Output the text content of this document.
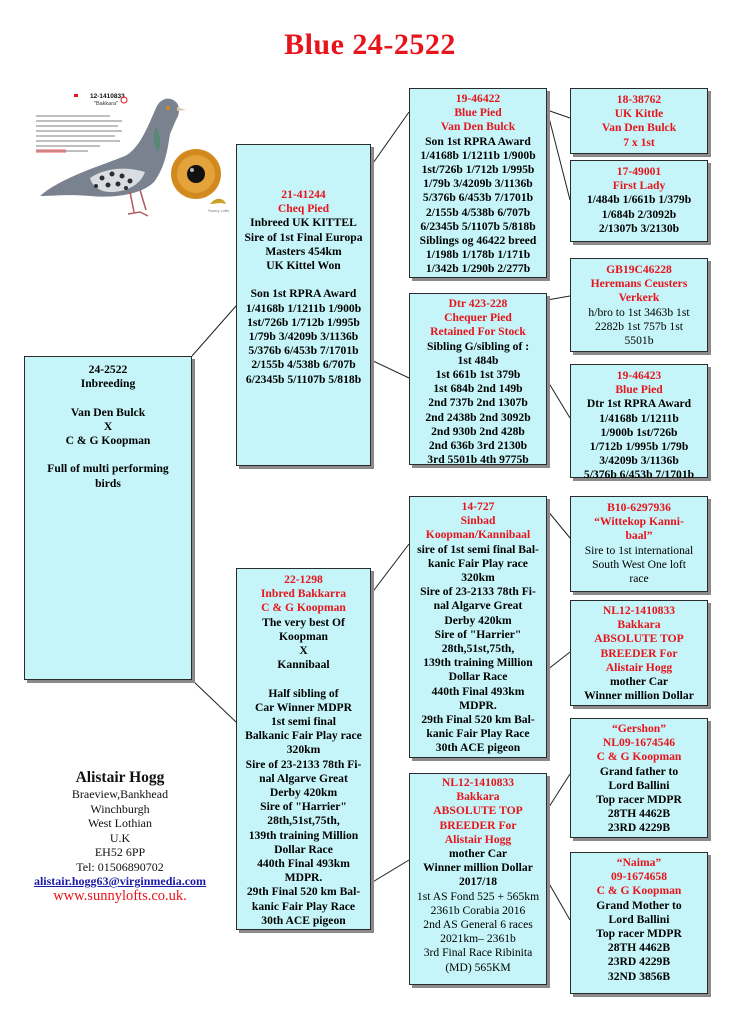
Blue 24-2522
12-1410833
"Bakkara"
Sunny Lofts
24-2522
Inbreeding

Van Den Bulck
X
C & G Koopman

Full of multi performing
birds
21-41244
Cheq Pied
Inbreed UK KITTEL
Sire of 1st Final Europa
Masters 454km
UK Kittel Won

Son 1st RPRA Award
1/4168b 1/1211b 1/900b
1st/726b 1/712b 1/995b
1/79b 3/4209b 3/1136b
5/376b 6/453b 7/1701b
2/155b 4/538b 6/707b
6/2345b 5/1107b 5/818b
22-1298
Inbred Bakkarra
C & G Koopman
The very best Of
Koopman
X
Kannibaal

Half sibling of
Car Winner MDPR
1st semi final
Balkanic Fair Play race
320km
Sire of 23-2133 78th Fi-
nal Algarve Great
Derby 420km
Sire of "Harrier"
28th,51st,75th,
139th training Million
Dollar Race
440th Final 493km
MDPR.
29th Final 520 km Bal-
kanic Fair Play Race
30th ACE pigeon
19-46422
Blue Pied
Van Den Bulck
Son 1st RPRA Award
1/4168b 1/1211b 1/900b
1st/726b 1/712b 1/995b
1/79b 3/4209b 3/1136b
5/376b 6/453b 7/1701b
2/155b 4/538b 6/707b
6/2345b 5/1107b 5/818b
Siblings og 46422 breed
1/198b 1/178b 1/171b
1/342b 1/290b 2/277b
Dtr 423-228
Chequer Pied
Retained For Stock
Sibling G/sibling of :
1st 484b
1st 661b 1st 379b
1st 684b 2nd 149b
2nd 737b 2nd 1307b
2nd 2438b 2nd 3092b
2nd 930b 2nd 428b
2nd 636b 3rd 2130b
3rd 5501b 4th 9775b
14-727
Sinbad
Koopman/Kannibaal
sire of 1st semi final Bal-
kanic Fair Play race
320km
Sire of 23-2133 78th Fi-
nal Algarve Great
Derby 420km
Sire of "Harrier"
28th,51st,75th,
139th training Million
Dollar Race
440th Final 493km
MDPR.
29th Final 520 km Bal-
kanic Fair Play Race
30th ACE pigeon
NL12-1410833
Bakkara
ABSOLUTE TOP
BREEDER For
Alistair Hogg
mother Car
Winner million Dollar
2017/18
1st AS Fond 525 + 565km
2361b Corabia 2016
2nd AS General 6 races
2021km– 2361b
3rd Final Race Ribinita
(MD) 565KM
18-38762
UK Kittle
Van Den Bulck
7 x 1st
17-49001
First Lady
1/484b 1/661b 1/379b
1/684b 2/3092b
2/1307b 3/2130b
GB19C46228
Heremans Ceusters
Verkerk
h/bro to 1st 3463b 1st
2282b 1st 757b 1st
5501b
19-46423
Blue Pied
Dtr 1st RPRA Award
1/4168b 1/1211b
1/900b 1st/726b
1/712b 1/995b 1/79b
3/4209b 3/1136b
5/376b 6/453b 7/1701b
B10-6297936
“Wittekop Kanni-
baal”
Sire to 1st international
South West One loft
race
NL12-1410833
Bakkara
ABSOLUTE TOP
BREEDER For
Alistair Hogg
mother Car
Winner million Dollar
“Gershon”
NL09-1674546
C & G Koopman
Grand father to
Lord Ballini
Top racer MDPR
28TH 4462B
23RD 4229B
“Naima”
09-1674658
C & G Koopman
Grand Mother to
Lord Ballini
Top racer MDPR
28TH 4462B
23RD 4229B
32ND 3856B
Alistair Hogg
Braeview,Bankhead
Winchburgh
West Lothian
U.K
EH52 6PP
Tel: 01506890702
alistair.hogg63@virginmedia.com
www.sunnylofts.co.uk.
